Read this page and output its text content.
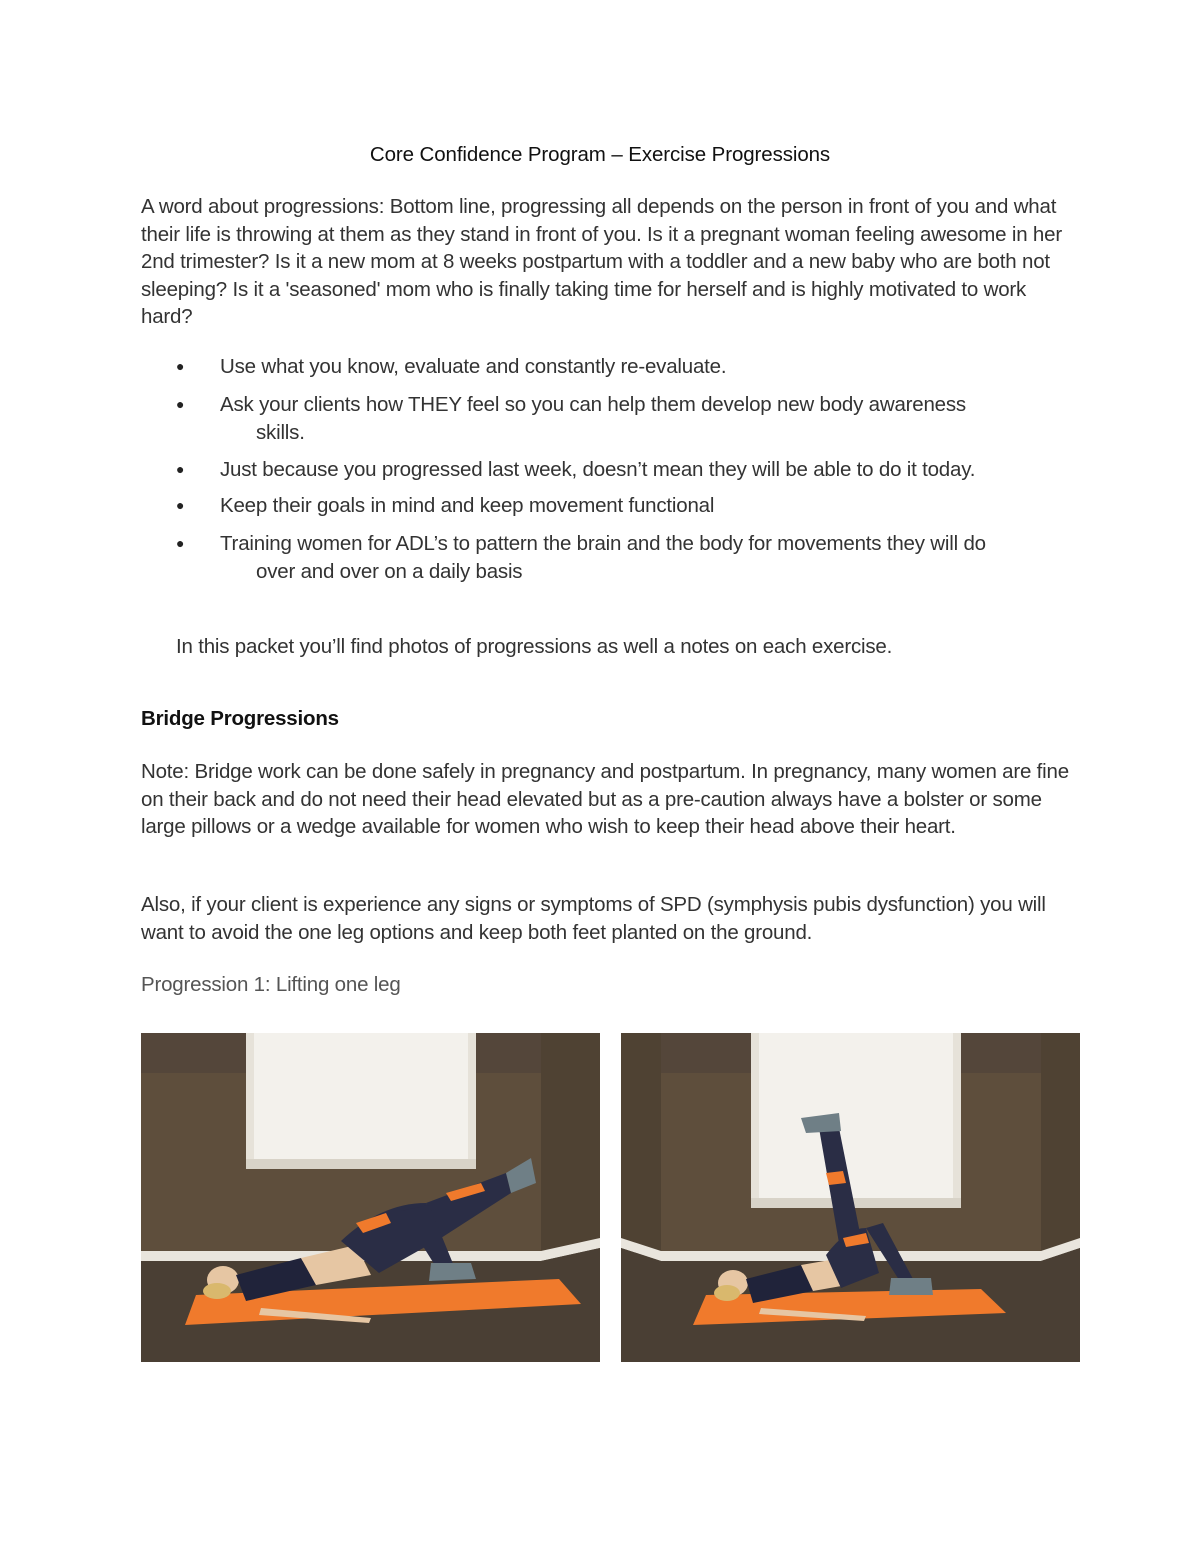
Core Confidence Program – Exercise Progressions
A word about progressions: Bottom line, progressing all depends on the person in front of you and what their life is throwing at them as they stand in front of you. Is it a pregnant woman feeling awesome in her 2nd trimester? Is it a new mom at 8 weeks postpartum with a toddler and a new baby who are both not sleeping? Is it a 'seasoned' mom who is finally taking time for herself and is highly motivated to work hard?
● Use what you know, evaluate and constantly re-evaluate.
● Ask your clients how THEY feel so you can help them develop new body awareness
skills.
● Just because you progressed last week, doesn’t mean they will be able to do it today.
● Keep their goals in mind and keep movement functional
● Training women for ADL’s to pattern the brain and the body for movements they will do
over and over on a daily basis
In this packet you’ll find photos of progressions as well a notes on each exercise.
Bridge Progressions
Note: Bridge work can be done safely in pregnancy and postpartum. In pregnancy, many women are fine on their back and do not need their head elevated but as a pre-caution always have a bolster or some large pillows or a wedge available for women who wish to keep their head above their heart.
Also, if your client is experience any signs or symptoms of SPD (symphysis pubis dysfunction) you will want to avoid the one leg options and keep both feet planted on the ground.
Progression 1: Lifting one leg
